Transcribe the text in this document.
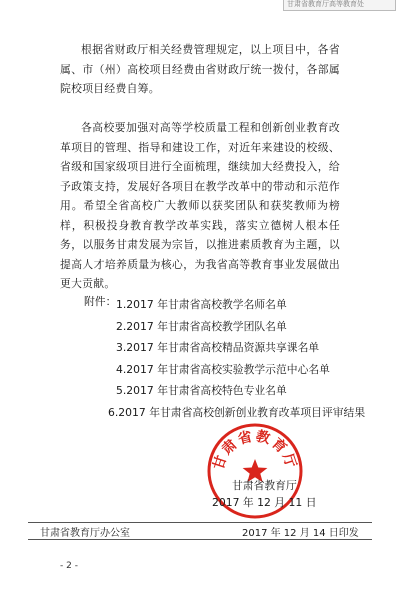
甘肃省教育厅高等教育处

根据省财政厅相关经费管理规定，以上项目中，各省属、市（州）高校项目经费由省财政厅统一拨付，各部属院校项目经费自筹。

各高校要加强对高等学校质量工程和创新创业教育改革项目的管理、指导和建设工作，对近年来建设的校级、省级和国家级项目进行全面梳理，继续加大经费投入，给予政策支持，发展好各项目在教学改革中的带动和示范作用。希望全省高校广大教师以获奖团队和获奖教师为榜样，积极投身教育教学改革实践，落实立德树人根本任务，以服务甘肃发展为宗旨，以推进素质教育为主题，以提高人才培养质量为核心，为我省高等教育事业发展做出更大贡献。

附件： 1.2017 年甘肃省高校教学名师名单
2.2017 年甘肃省高校教学团队名单
3.2017 年甘肃省高校精品资源共享课名单
4.2017 年甘肃省高校实验教学示范中心名单
5.2017 年甘肃省高校特色专业名单
6.2017 年甘肃省高校创新创业教育改革项目评审结果
甘肃省教育厅
甘肃省教育厅
2017 年 12 月 11 日
甘肃省教育厅办公室	2017 年 12 月 14 日印发
- 2 -
